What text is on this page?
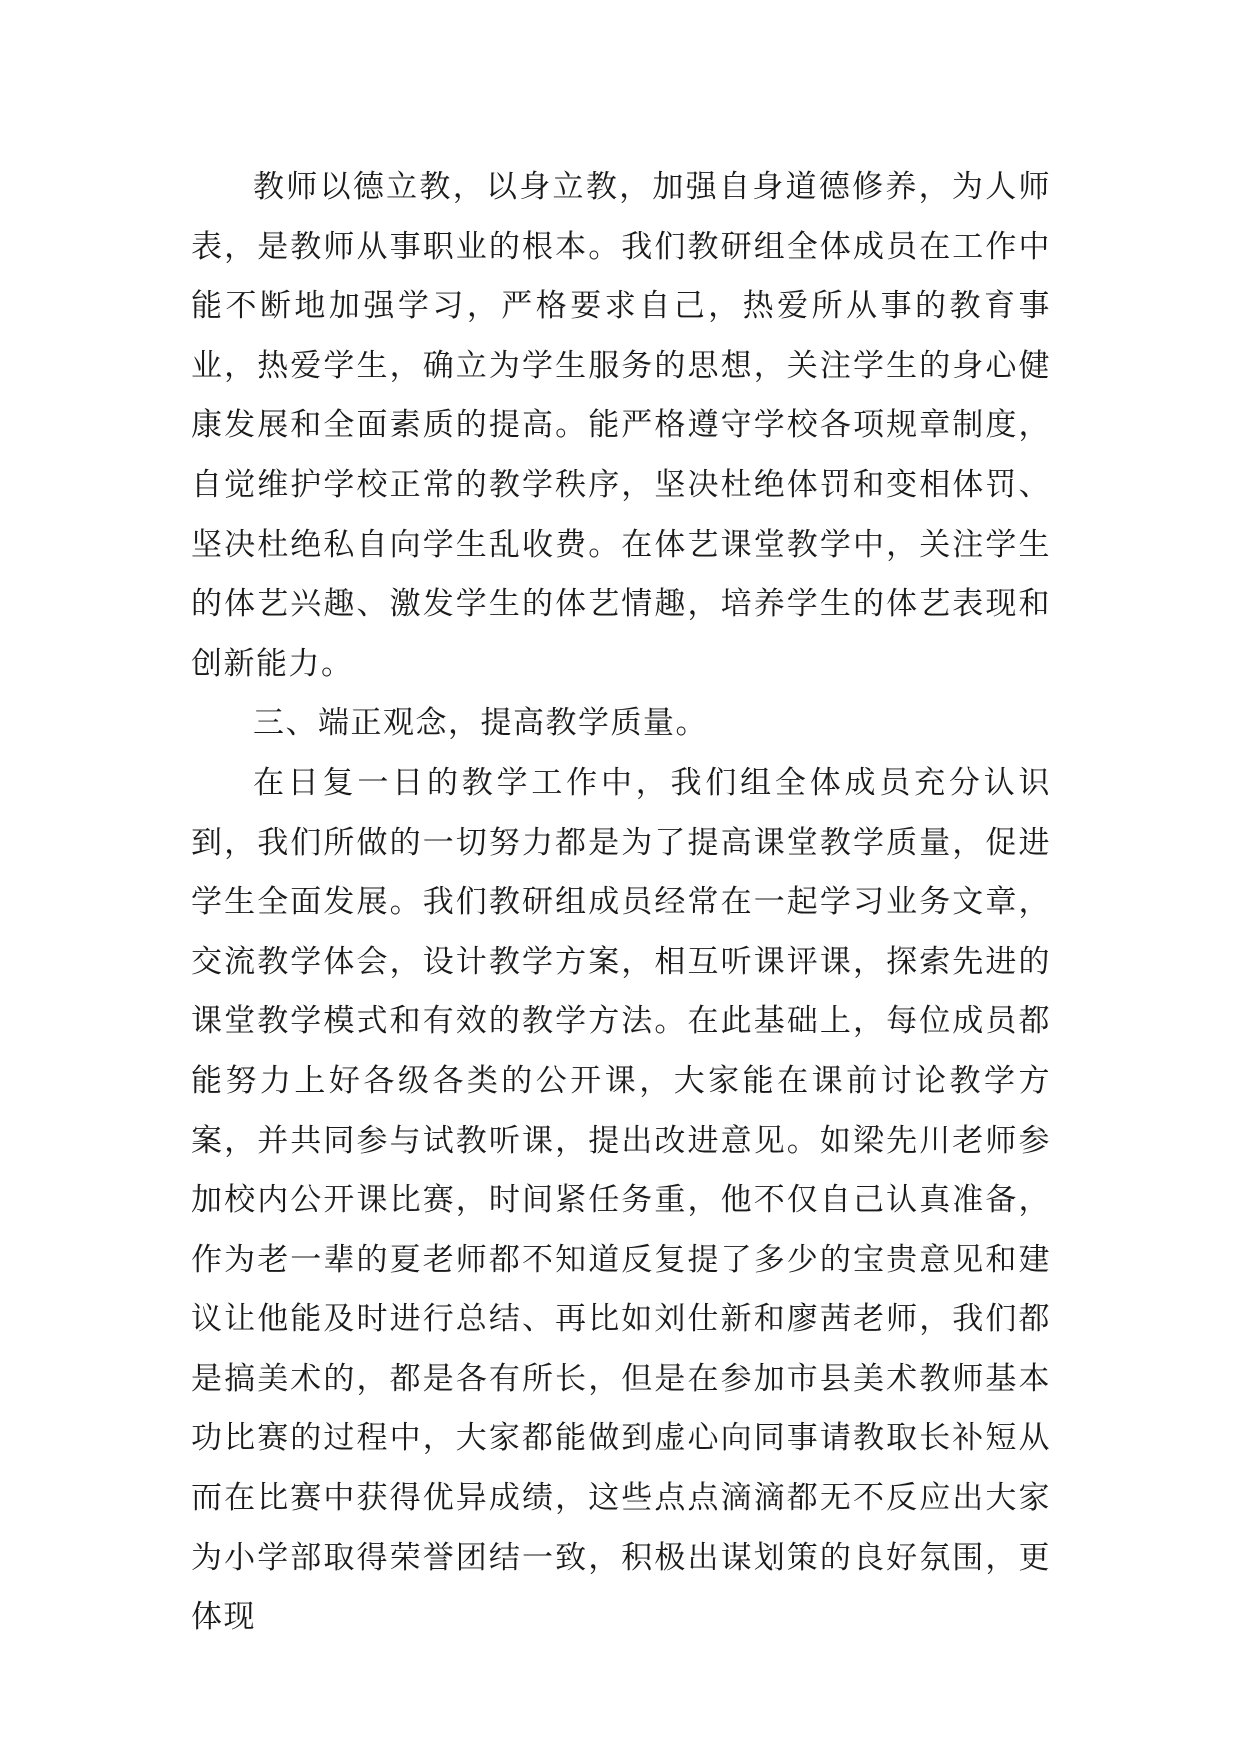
教师以德立教，以身立教，加强自身道德修养，为人师表，是教师从事职业的根本。我们教研组全体成员在工作中能不断地加强学习，严格要求自己，热爱所从事的教育事业，热爱学生，确立为学生服务的思想，关注学生的身心健康发展和全面素质的提高。能严格遵守学校各项规章制度，自觉维护学校正常的教学秩序，坚决杜绝体罚和变相体罚、坚决杜绝私自向学生乱收费。在体艺课堂教学中，关注学生的体艺兴趣、激发学生的体艺情趣，培养学生的体艺表现和创新能力。

三、端正观念，提高教学质量。

在日复一日的教学工作中，我们组全体成员充分认识到，我们所做的一切努力都是为了提高课堂教学质量，促进学生全面发展。我们教研组成员经常在一起学习业务文章，交流教学体会，设计教学方案，相互听课评课，探索先进的课堂教学模式和有效的教学方法。在此基础上，每位成员都能努力上好各级各类的公开课，大家能在课前讨论教学方案，并共同参与试教听课，提出改进意见。如梁先川老师参加校内公开课比赛，时间紧任务重，他不仅自己认真准备，作为老一辈的夏老师都不知道反复提了多少的宝贵意见和建议让他能及时进行总结、再比如刘仕新和廖茜老师，我们都是搞美术的，都是各有所长，但是在参加市县美术教师基本功比赛的过程中，大家都能做到虚心向同事请教取长补短从而在比赛中获得优异成绩，这些点点滴滴都无不反应出大家为小学部取得荣誉团结一致，积极出谋划策的良好氛围，更体现
